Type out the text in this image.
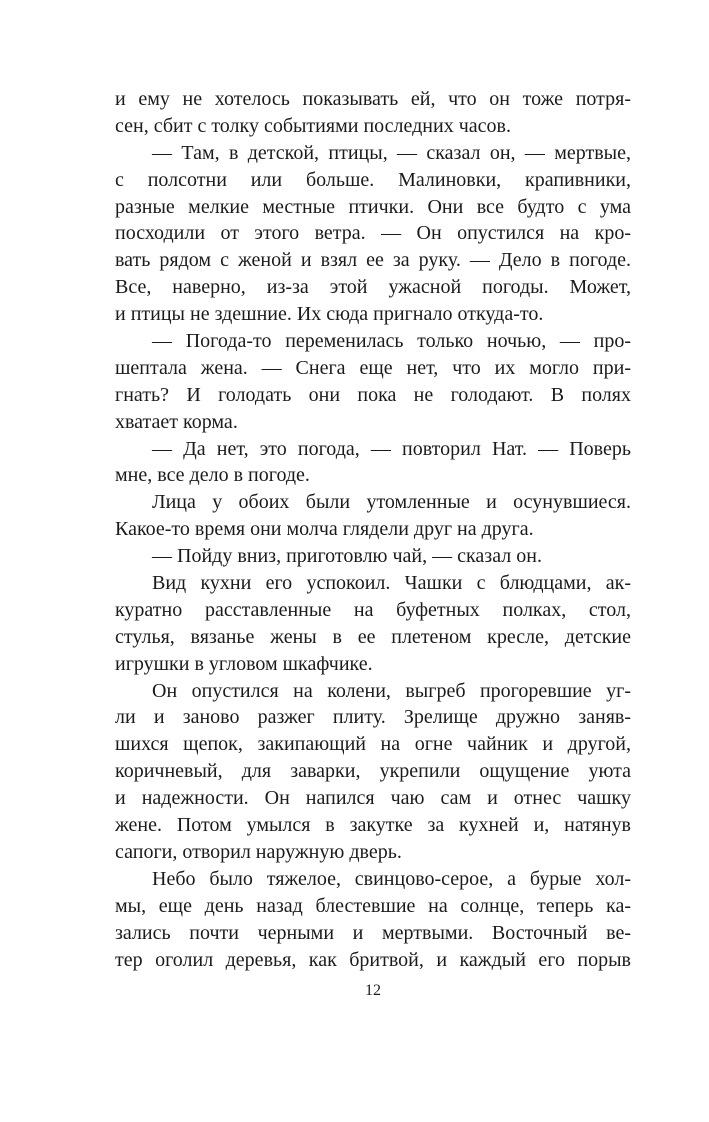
и ему не хотелось показывать ей, что он тоже потря-
сен, сбит с толку событиями последних часов.
— Там, в детской, птицы, — сказал он, — мертвые,
с полсотни или больше. Малиновки, крапивники,
разные мелкие местные птички. Они все будто с ума
посходили от этого ветра. — Он опустился на кро-
вать рядом с женой и взял ее за руку. — Дело в погоде.
Все, наверно, из-за этой ужасной погоды. Может,
и птицы не здешние. Их сюда пригнало откуда-то.
— Погода-то переменилась только ночью, — про-
шептала жена. — Снега еще нет, что их могло при-
гнать? И голодать они пока не голодают. В полях
хватает корма.
— Да нет, это погода, — повторил Нат. — Поверь
мне, все дело в погоде.
Лица у обоих были утомленные и осунувшиеся.
Какое-то время они молча глядели друг на друга.
— Пойду вниз, приготовлю чай, — сказал он.
Вид кухни его успокоил. Чашки с блюдцами, ак-
куратно расставленные на буфетных полках, стол,
стулья, вязанье жены в ее плетеном кресле, детские
игрушки в угловом шкафчике.
Он опустился на колени, выгреб прогоревшие уг-
ли и заново разжег плиту. Зрелище дружно заняв-
шихся щепок, закипающий на огне чайник и другой,
коричневый, для заварки, укрепили ощущение уюта
и надежности. Он напился чаю сам и отнес чашку
жене. Потом умылся в закутке за кухней и, натянув
сапоги, отворил наружную дверь.
Небо было тяжелое, свинцово-серое, а бурые хол-
мы, еще день назад блестевшие на солнце, теперь ка-
зались почти черными и мертвыми. Восточный ве-
тер оголил деревья, как бритвой, и каждый его порыв
12
